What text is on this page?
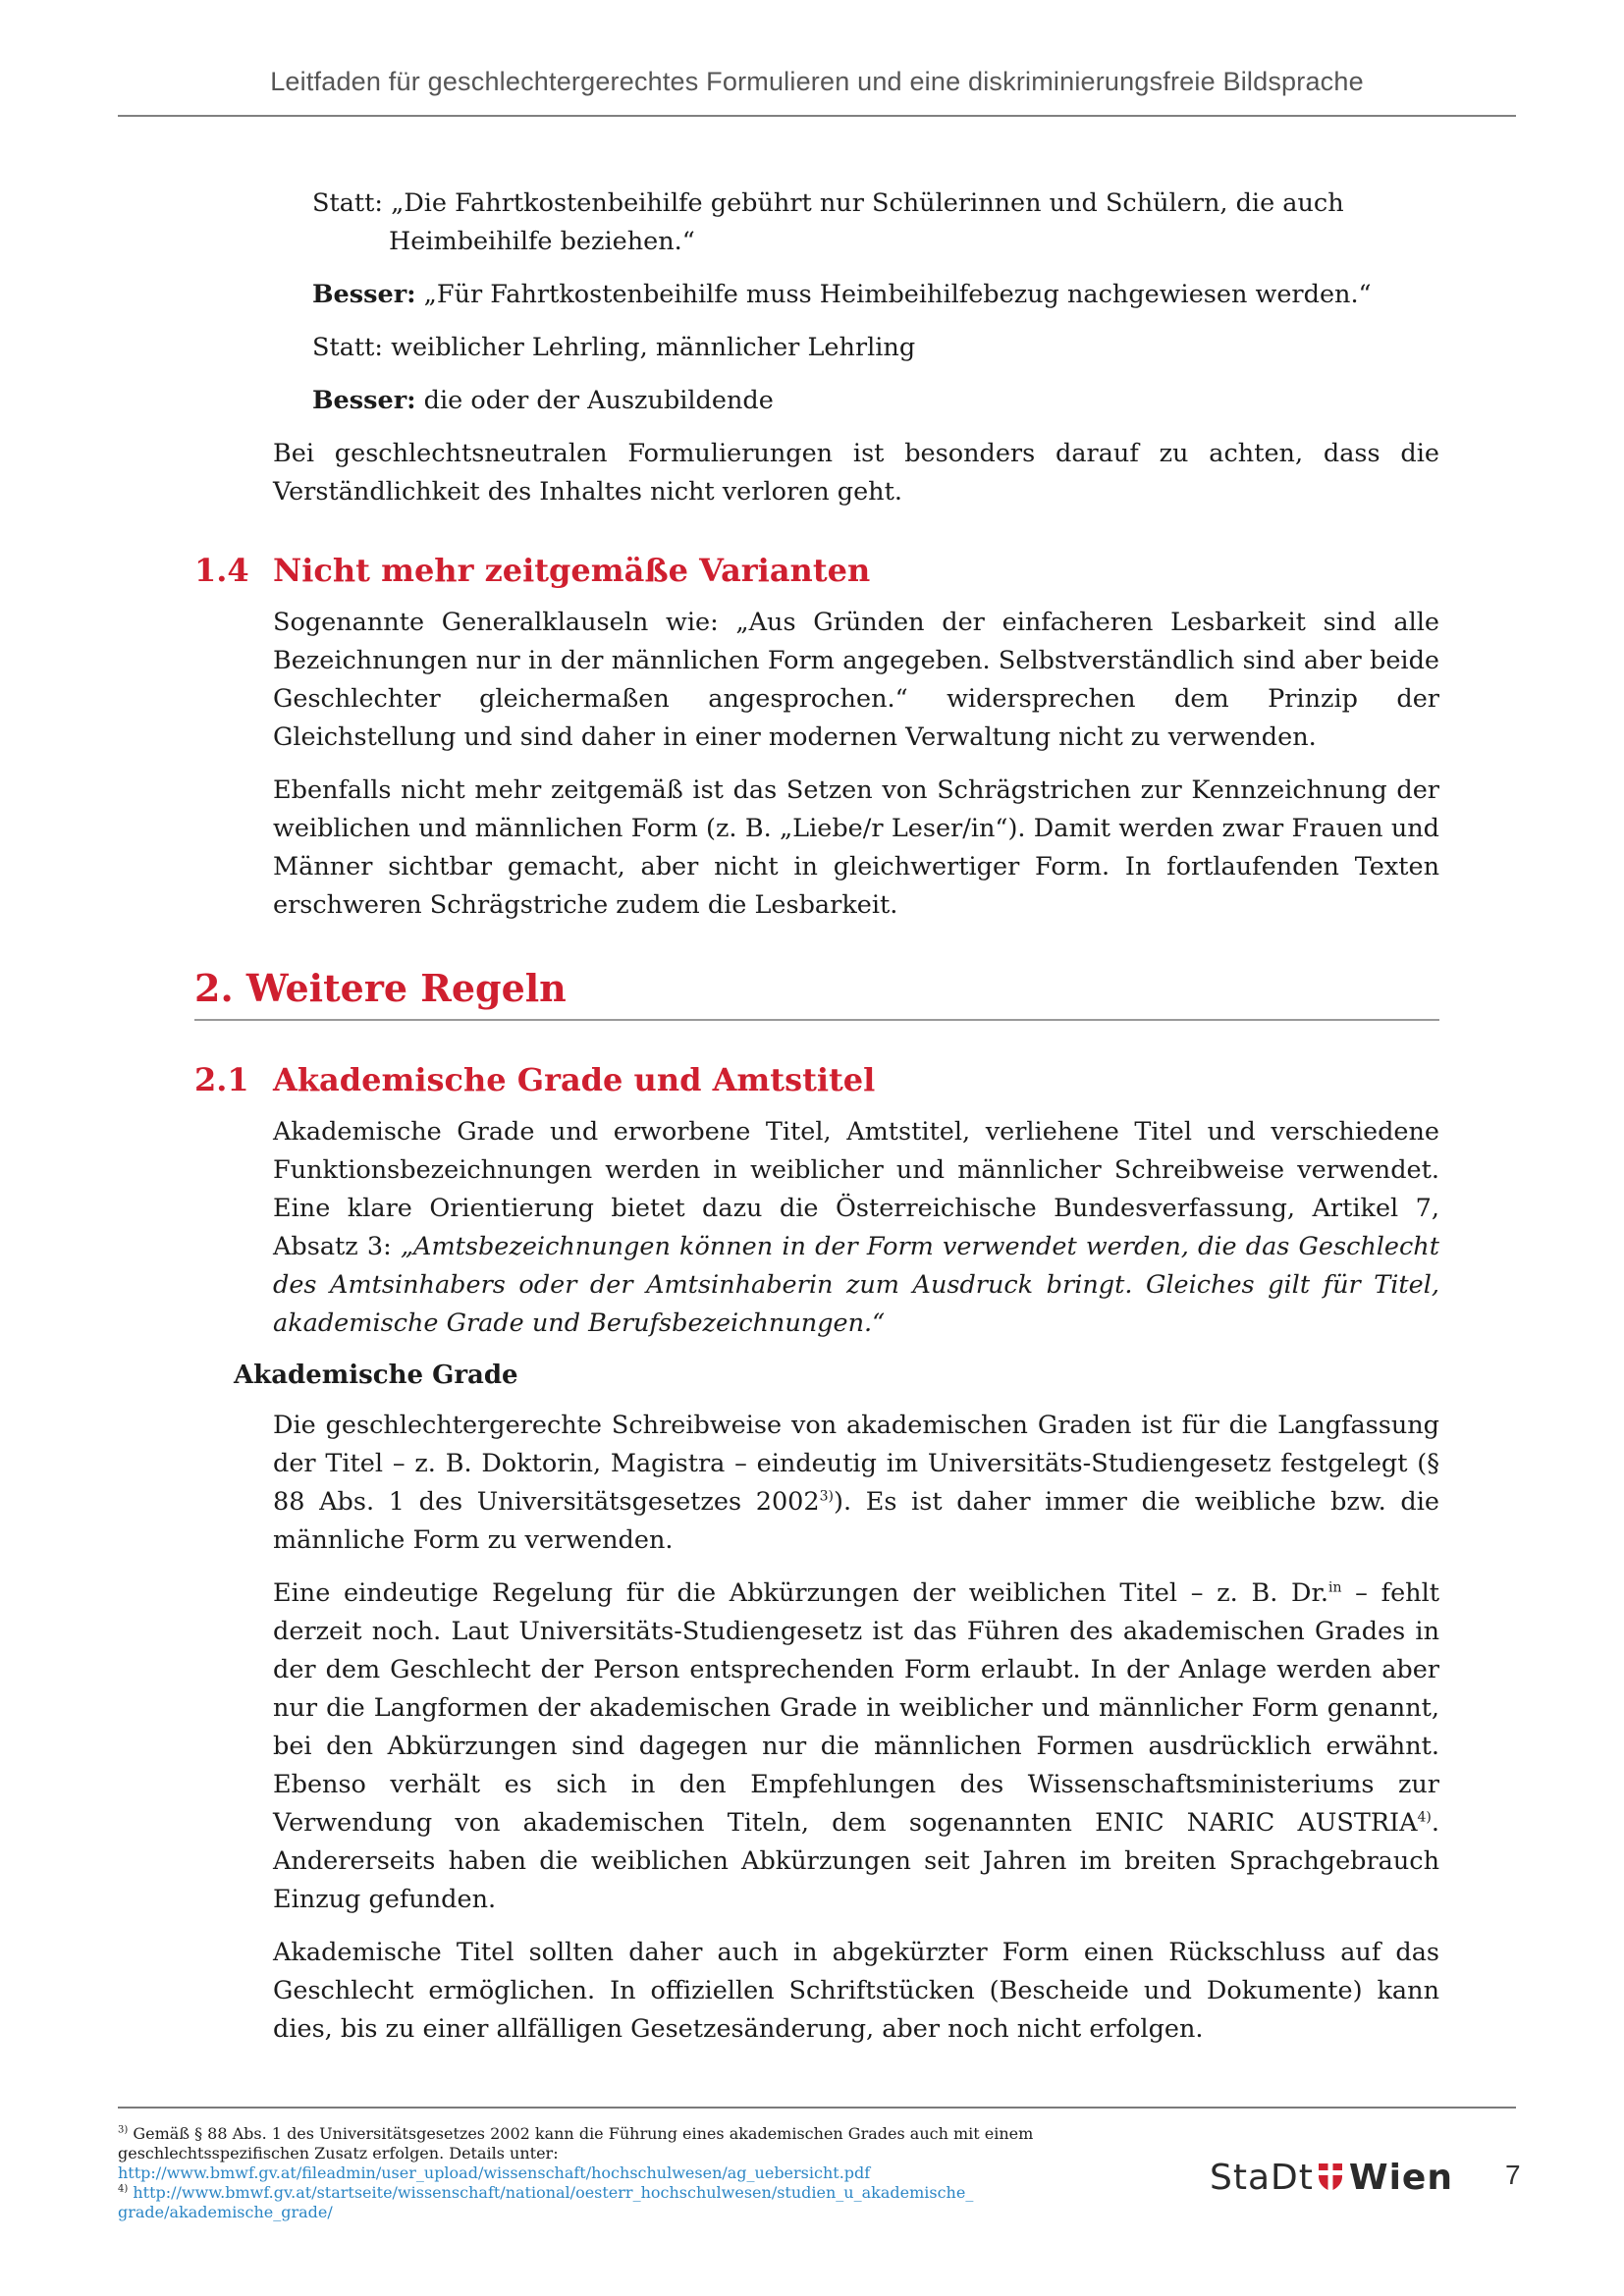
Leitfaden für geschlechtergerechtes Formulieren und eine diskriminierungsfreie Bildsprache

Statt: „Die Fahrtkostenbeihilfe gebührt nur Schülerinnen und Schülern, die auch Heimbeihilfe beziehen.“

Besser: „Für Fahrtkostenbeihilfe muss Heimbeihilfebezug nachgewiesen werden.“

Statt: weiblicher Lehrling, männlicher Lehrling

Besser: die oder der Auszubildende

Bei geschlechtsneutralen Formulierungen ist besonders darauf zu achten, dass die Verständlichkeit des Inhaltes nicht verloren geht.

1.4 Nicht mehr zeitgemäße Varianten

Sogenannte Generalklauseln wie: „Aus Gründen der einfacheren Lesbarkeit sind alle Bezeichnungen nur in der männlichen Form angegeben. Selbstverständlich sind aber beide Geschlechter gleichermaßen angesprochen.“ widersprechen dem Prinzip der Gleichstellung und sind daher in einer modernen Verwaltung nicht zu verwenden.

Ebenfalls nicht mehr zeitgemäß ist das Setzen von Schrägstrichen zur Kennzeichnung der weiblichen und männlichen Form (z. B. „Liebe/r Leser/in“). Damit werden zwar Frauen und Männer sichtbar gemacht, aber nicht in gleichwertiger Form. In fortlaufenden Texten erschweren Schrägstriche zudem die Lesbarkeit.

2. Weitere Regeln
2.1 Akademische Grade und Amtstitel

Akademische Grade und erworbene Titel, Amtstitel, verliehene Titel und verschiedene Funktionsbezeichnungen werden in weiblicher und männlicher Schreibweise verwendet. Eine klare Orientierung bietet dazu die Österreichische Bundesverfassung, Artikel 7, Absatz 3: „Amtsbezeichnungen können in der Form verwendet werden, die das Geschlecht des Amtsinhabers oder der Amtsinhaberin zum Ausdruck bringt. Gleiches gilt für Titel, akademische Grade und Berufsbezeichnungen.“

Akademische Grade

Die geschlechtergerechte Schreibweise von akademischen Graden ist für die Langfassung der Titel – z. B. Doktorin, Magistra – eindeutig im Universitäts-Studiengesetz festgelegt (§ 88 Abs. 1 des Universitätsgesetzes 2002$^{3)}$). Es ist daher immer die weibliche bzw. die männliche Form zu verwenden.

Eine eindeutige Regelung für die Abkürzungen der weiblichen Titel – z. B. Dr.$^{in}$ – fehlt derzeit noch. Laut Universitäts-Studiengesetz ist das Führen des akademischen Grades in der dem Geschlecht der Person entsprechenden Form erlaubt. In der Anlage werden aber nur die Langformen der akademischen Grade in weiblicher und männlicher Form genannt, bei den Abkürzungen sind dagegen nur die männlichen Formen ausdrücklich erwähnt. Ebenso verhält es sich in den Empfehlungen des Wissenschaftsministeriums zur Verwendung von akademischen Titeln, dem sogenannten ENIC NARIC AUSTRIA$^{4)}$. Andererseits haben die weiblichen Abkürzungen seit Jahren im breiten Sprachgebrauch Einzug gefunden.

Akademische Titel sollten daher auch in abgekürzter Form einen Rückschluss auf das Geschlecht ermöglichen. In offiziellen Schriftstücken (Bescheide und Dokumente) kann dies, bis zu einer allfälligen Gesetzesänderung, aber noch nicht erfolgen.

$^{3)}$ Gemäß § 88 Abs. 1 des Universitätsgesetzes 2002 kann die Führung eines akademischen Grades auch mit einem geschlechtsspezifischen Zusatz erfolgen. Details unter:
http://www.bmwf.gv.at/fileadmin/user_upload/wissenschaft/hochschulwesen/ag_uebersicht.pdf

$^{4)}$ http://www.bmwf.gv.at/startseite/wissenschaft/national/oesterr_hochschulwesen/studien_u_akademische_
grade/akademische_grade/

StaDt Wien 7
